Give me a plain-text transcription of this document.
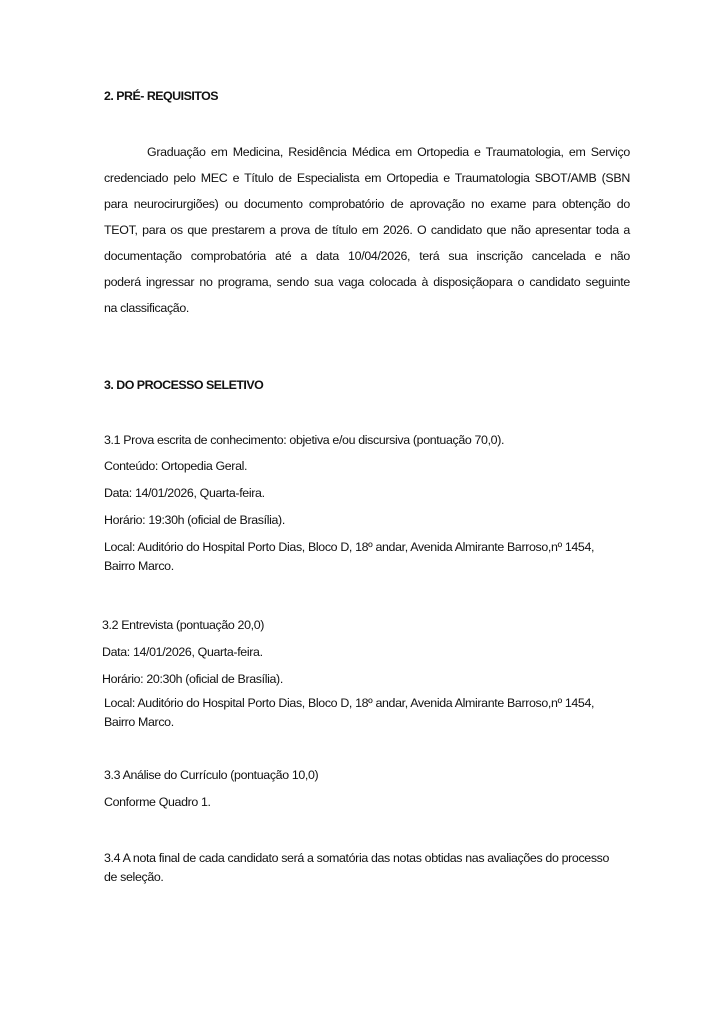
2. PRÉ- REQUISITOS
Graduação em Medicina, Residência Médica em Ortopedia e Traumatologia, em Serviço
credenciado pelo MEC e Título de Especialista em Ortopedia e Traumatologia SBOT/AMB (SBN
para neurocirurgiões) ou documento comprobatório de aprovação no exame para obtenção do
TEOT, para os que prestarem a prova de título em 2026. O candidato que não apresentar toda a
documentação comprobatória até a data 10/04/2026, terá sua inscrição cancelada e não
poderá ingressar no programa, sendo sua vaga colocada à disposiçãopara o candidato seguinte
na classificação.
3. DO PROCESSO SELETIVO
3.1 Prova escrita de conhecimento: objetiva e/ou discursiva (pontuação 70,0).
Conteúdo: Ortopedia Geral.
Data: 14/01/2026, Quarta-feira.
Horário: 19:30h (oficial de Brasília).
Local: Auditório do Hospital Porto Dias, Bloco D, 18º andar, Avenida Almirante Barroso,nº 1454,
Bairro Marco.
3.2 Entrevista (pontuação 20,0)
Data: 14/01/2026, Quarta-feira.
Horário: 20:30h (oficial de Brasília).
Local: Auditório do Hospital Porto Dias, Bloco D, 18º andar, Avenida Almirante Barroso,nº 1454,
Bairro Marco.
3.3 Análise do Currículo (pontuação 10,0)
Conforme Quadro 1.
3.4 A nota final de cada candidato será a somatória das notas obtidas nas avaliações do processo
de seleção.
